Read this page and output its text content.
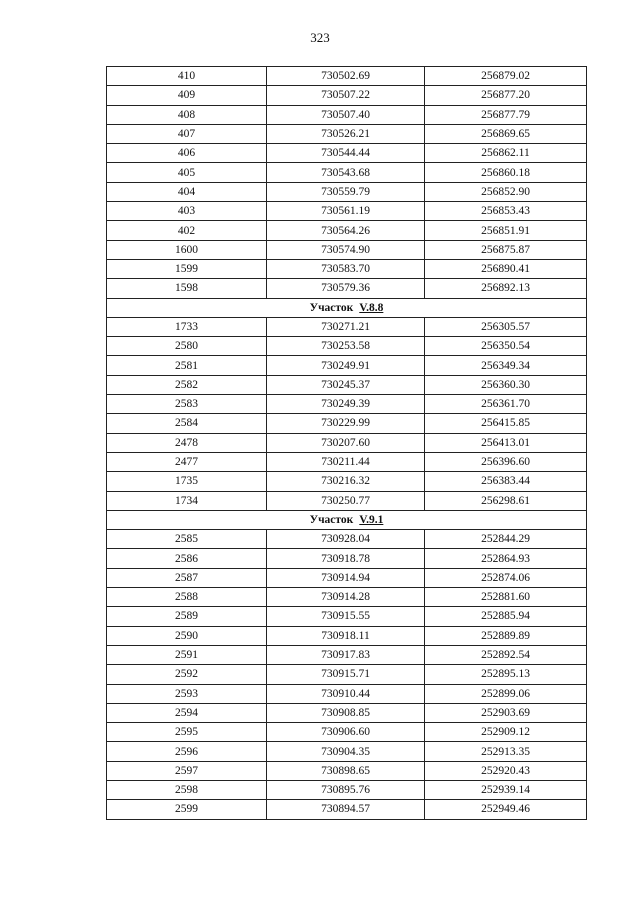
323
410	730502.69	256879.02
409	730507.22	256877.20
408	730507.40	256877.79
407	730526.21	256869.65
406	730544.44	256862.11
405	730543.68	256860.18
404	730559.79	256852.90
403	730561.19	256853.43
402	730564.26	256851.91
1600	730574.90	256875.87
1599	730583.70	256890.41
1598	730579.36	256892.13
Участок V.8.8		
1733	730271.21	256305.57
2580	730253.58	256350.54
2581	730249.91	256349.34
2582	730245.37	256360.30
2583	730249.39	256361.70
2584	730229.99	256415.85
2478	730207.60	256413.01
2477	730211.44	256396.60
1735	730216.32	256383.44
1734	730250.77	256298.61
Участок V.9.1		
2585	730928.04	252844.29
2586	730918.78	252864.93
2587	730914.94	252874.06
2588	730914.28	252881.60
2589	730915.55	252885.94
2590	730918.11	252889.89
2591	730917.83	252892.54
2592	730915.71	252895.13
2593	730910.44	252899.06
2594	730908.85	252903.69
2595	730906.60	252909.12
2596	730904.35	252913.35
2597	730898.65	252920.43
2598	730895.76	252939.14
2599	730894.57	252949.46
